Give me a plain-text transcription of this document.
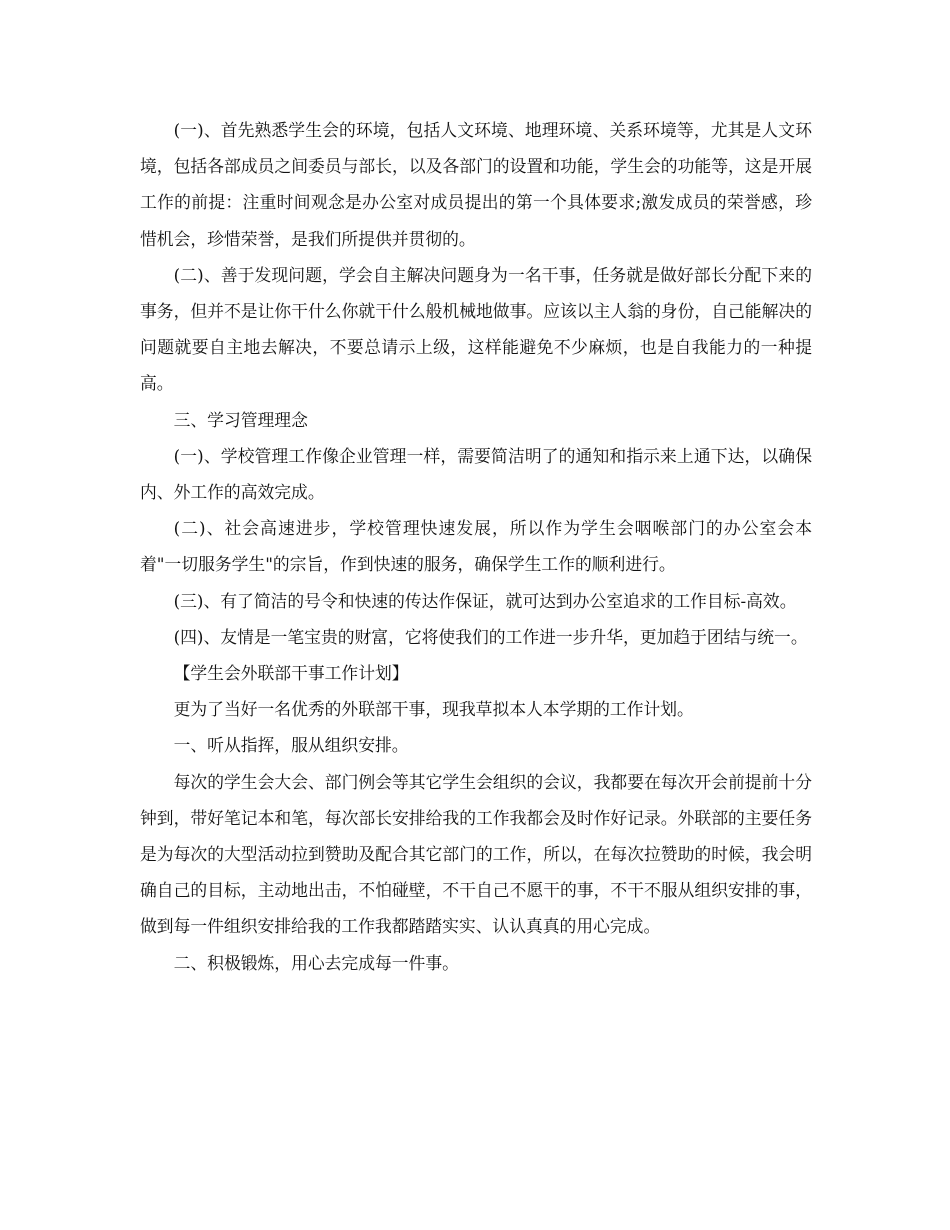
(一)、首先熟悉学生会的环境，包括人文环境、地理环境、关系环境等，尤其是人文环境，包括各部成员之间委员与部长，以及各部门的设置和功能，学生会的功能等，这是开展工作的前提：注重时间观念是办公室对成员提出的第一个具体要求;激发成员的荣誉感，珍惜机会，珍惜荣誉，是我们所提供并贯彻的。

(二)、善于发现问题，学会自主解决问题身为一名干事，任务就是做好部长分配下来的事务，但并不是让你干什么你就干什么般机械地做事。应该以主人翁的身份，自己能解决的问题就要自主地去解决，不要总请示上级，这样能避免不少麻烦，也是自我能力的一种提高。

三、学习管理理念

(一)、学校管理工作像企业管理一样，需要简洁明了的通知和指示来上通下达，以确保内、外工作的高效完成。

(二)、社会高速进步，学校管理快速发展，所以作为学生会咽喉部门的办公室会本着"一切服务学生"的宗旨，作到快速的服务，确保学生工作的顺利进行。

(三)、有了简洁的号令和快速的传达作保证，就可达到办公室追求的工作目标-高效。

(四)、友情是一笔宝贵的财富，它将使我们的工作进一步升华，更加趋于团结与统一。

【学生会外联部干事工作计划】

更为了当好一名优秀的外联部干事，现我草拟本人本学期的工作计划。

一、听从指挥，服从组织安排。

每次的学生会大会、部门例会等其它学生会组织的会议，我都要在每次开会前提前十分钟到，带好笔记本和笔，每次部长安排给我的工作我都会及时作好记录。外联部的主要任务是为每次的大型活动拉到赞助及配合其它部门的工作，所以，在每次拉赞助的时候，我会明确自己的目标，主动地出击，不怕碰壁，不干自己不愿干的事，不干不服从组织安排的事，做到每一件组织安排给我的工作我都踏踏实实、认认真真的用心完成。

二、积极锻炼，用心去完成每一件事。
